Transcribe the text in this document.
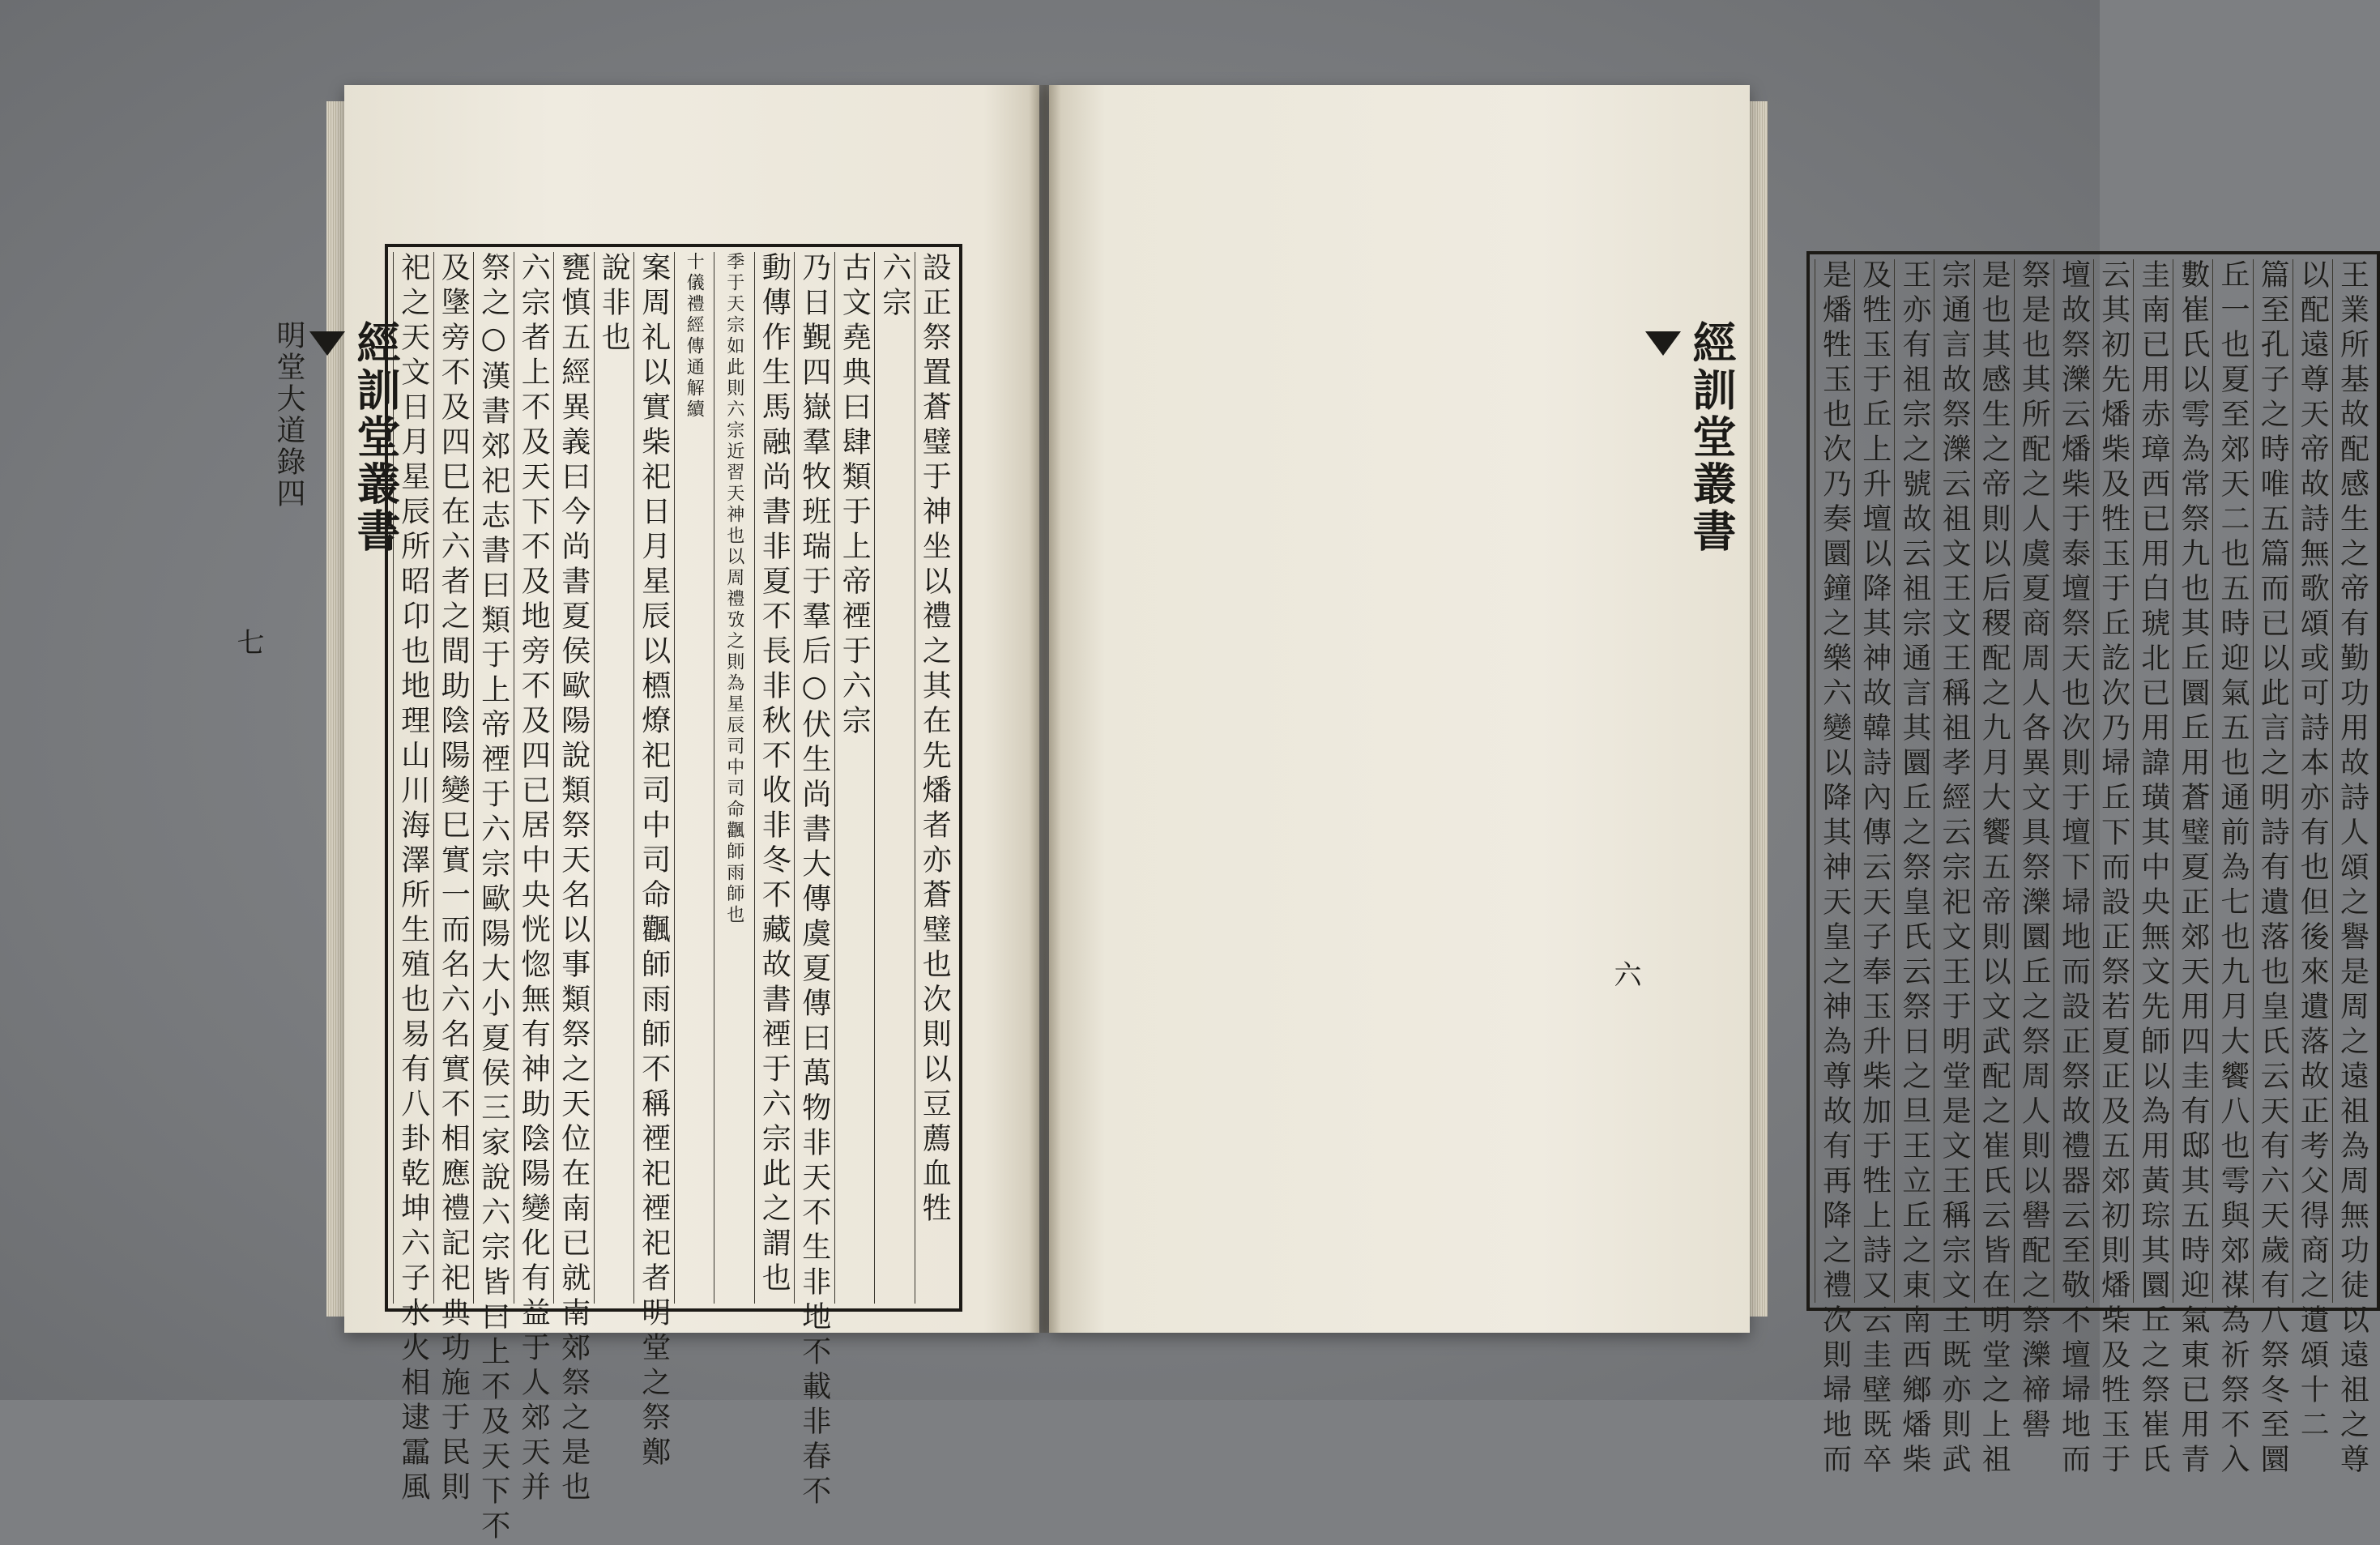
設正祭置蒼璧于神坐以禮之其在先燔者亦蒼璧也次則以豆薦血牲
六宗
古文堯典曰肆類于上帝禋于六宗
乃日覲四嶽羣牧班瑞于羣后○伏生尚書大傳虞夏傳曰萬物非天不生非地不載非春不
動傳作生馬融尚書非夏不長非秋不收非冬不藏故書禋于六宗此之謂也
季于天宗如此則六宗近習天神也以周禮攷之則為星辰司中司命飌師雨師也
十儀禮經傳通解續
案周礼以實柴祀日月星辰以槱燎祀司中司命飌師雨師不稱禋祀禋祀者明堂之祭鄭
說非也
甕慎五經異義曰今尚書夏侯歐陽說類祭天名以事類祭之天位在南已就南郊祭之是也
六宗者上不及天下不及地旁不及四已居中央恍惚無有神助陰陽變化有益于人郊天并
祭之○漢書郊祀志書曰類于上帝禋于六宗歐陽大小夏侯三家說六宗皆曰上不及天下不
及墬旁不及四巳在六者之間助陰陽變巳實一而名六名實不相應禮記祀典功施于民則
祀之天文日月星辰所昭卬也地理山川海澤所生殖也易有八卦乾坤六子水火相逮靁風
經訓堂叢書
明堂大道錄四
七	王業所基故配感生之帝有勤功用故詩人頌之譽是周之遠祖為周無功徒以遠祖之尊
以配遠尊天帝故詩無歌頌或可詩本亦有也但後來遺落故正考父得商之遺頌十二
篇至孔子之時唯五篇而已以此言之明詩有遺落也皇氏云天有六天歲有八祭冬至圜
丘一也夏至郊天二也五時迎氣五也通前為七也九月大饗八也雩與郊禖為祈祭不入
數崔氏以雩為常祭九也其丘圜丘用蒼璧夏正郊天用四圭有邸其五時迎氣東已用青
圭南已用赤璋西已用白琥北已用諱璜其中央無文先師以為用黃琮其圜丘之祭崔氏
云其初先燔柴及牲玉于丘訖次乃埽丘下而設正祭若夏正及五郊初則燔柴及牲玉于
壇故祭濼云燔柴于泰壇祭天也次則于壇下埽地而設正祭故禮器云至敬不壇埽地而
祭是也其所配之人虞夏商周人各異文具祭濼圜丘之祭周人則以嚳配之祭濼禘嚳
是也其感生之帝則以后稷配之九月大饗五帝則以文武配之崔氏云皆在明堂之上祖
宗通言故祭濼云祖文王文王稱祖孝經云宗祀文王于明堂是文王稱宗文王既亦則武
王亦有祖宗之號故云祖宗通言其圜丘之祭皇氏云祭日之旦王立丘之東南西鄉燔柴
及牲玉于丘上升壇以降其神故韓詩內傳云天子奉玉升柴加于牲上詩又云圭壁既卒
是燔牲玉也次乃奏圜鐘之樂六變以降其神天皇之神為尊故有再降之禮次則埽地而
經訓堂叢書
六
